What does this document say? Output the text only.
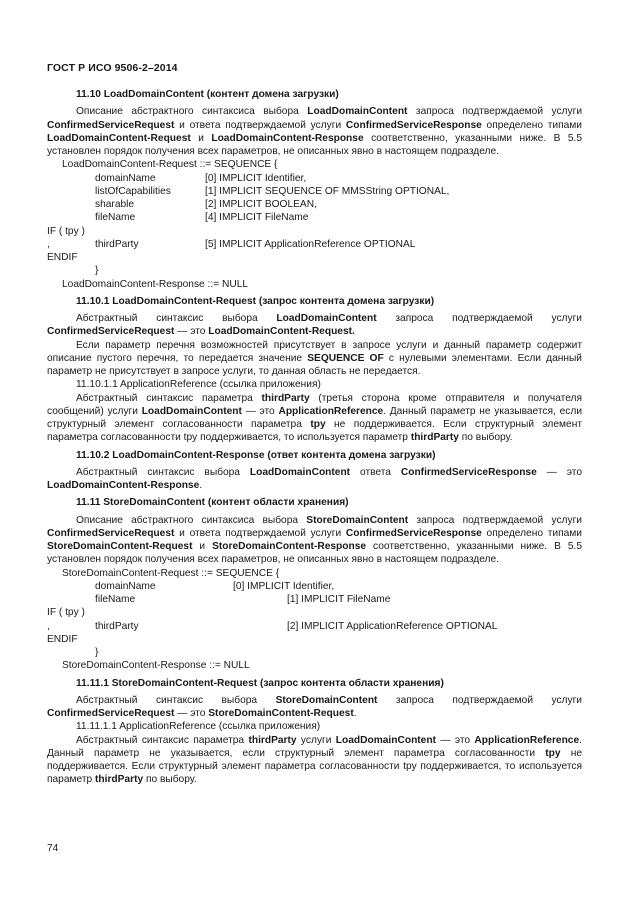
ГОСТ Р ИСО 9506-2–2014

11.10 LoadDomainContent (контент домена загрузки)

Описание абстрактного синтаксиса выбора LoadDomainContent запроса подтверждаемой услуги ConfirmedServiceRequest и ответа подтверждаемой услуги ConfirmedServiceResponse определено типами LoadDomainContent-Request и LoadDomainContent-Response соответственно, указанными ниже. В 5.5 установлен порядок получения всех параметров, не описанных явно в настоящем подразделе.

LoadDomainContent-Request ::= SEQUENCE {
domainName	[0] IMPLICIT Identifier,
listOfCapabilities	[1] IMPLICIT SEQUENCE OF MMSString OPTIONAL,
sharable	[2] IMPLICIT BOOLEAN,
fileName	[4] IMPLICIT FileName
IF ( tpy )
,	thirdParty	[5] IMPLICIT ApplicationReference OPTIONAL
ENDIF
}
LoadDomainContent-Response ::= NULL

11.10.1 LoadDomainContent-Request (запрос контента домена загрузки)

Абстрактный синтаксис выбора LoadDomainContent запроса подтверждаемой услуги ConfirmedServiceRequest — это LoadDomainContent-Request.

Если параметр перечня возможностей присутствует в запросе услуги и данный параметр содержит описание пустого перечня, то передается значение SEQUENCE OF с нулевыми элементами. Если данный параметр не присутствует в запросе услуги, то данная область не передается.

11.10.1.1 ApplicationReference (ссылка приложения)

Абстрактный синтаксис параметра thirdParty (третья сторона кроме отправителя и получателя сообщений) услуги LoadDomainContent — это ApplicationReference. Данный параметр не указывается, если структурный элемент согласованности параметра tpy не поддерживается. Если структурный элемент параметра согласованности tpy поддерживается, то используется параметр thirdParty по выбору.

11.10.2 LoadDomainContent-Response (ответ контента домена загрузки)

Абстрактный синтаксис выбора LoadDomainContent ответа ConfirmedServiceResponse — это LoadDomainContent-Response.

11.11 StoreDomainContent (контент области хранения)

Описание абстрактного синтаксиса выбора StoreDomainContent запроса подтверждаемой услуги ConfirmedServiceRequest и ответа подтверждаемой услуги ConfirmedServiceResponse определено типами StoreDomainContent-Request и StoreDomainContent-Response соответственно, указанными ниже. В 5.5 установлен порядок получения всех параметров, не описанных явно в настоящем подразделе.

StoreDomainContent-Request ::= SEQUENCE {
domainName	[0] IMPLICIT Identifier,
fileName	[1] IMPLICIT FileName
IF ( tpy )
,	thirdParty	[2] IMPLICIT ApplicationReference OPTIONAL
ENDIF
}
StoreDomainContent-Response ::= NULL

11.11.1 StoreDomainContent-Request (запрос контента области хранения)

Абстрактный синтаксис выбора StoreDomainContent запроса подтверждаемой услуги ConfirmedServiceRequest — это StoreDomainContent-Request.

11.11.1.1 ApplicationReference (ссылка приложения)

Абстрактный синтаксис параметра thirdParty услуги LoadDomainContent — это ApplicationReference. Данный параметр не указывается, если структурный элемент параметра согласованности tpy не поддерживается. Если структурный элемент параметра согласованности tpy поддерживается, то используется параметр thirdParty по выбору.

74
